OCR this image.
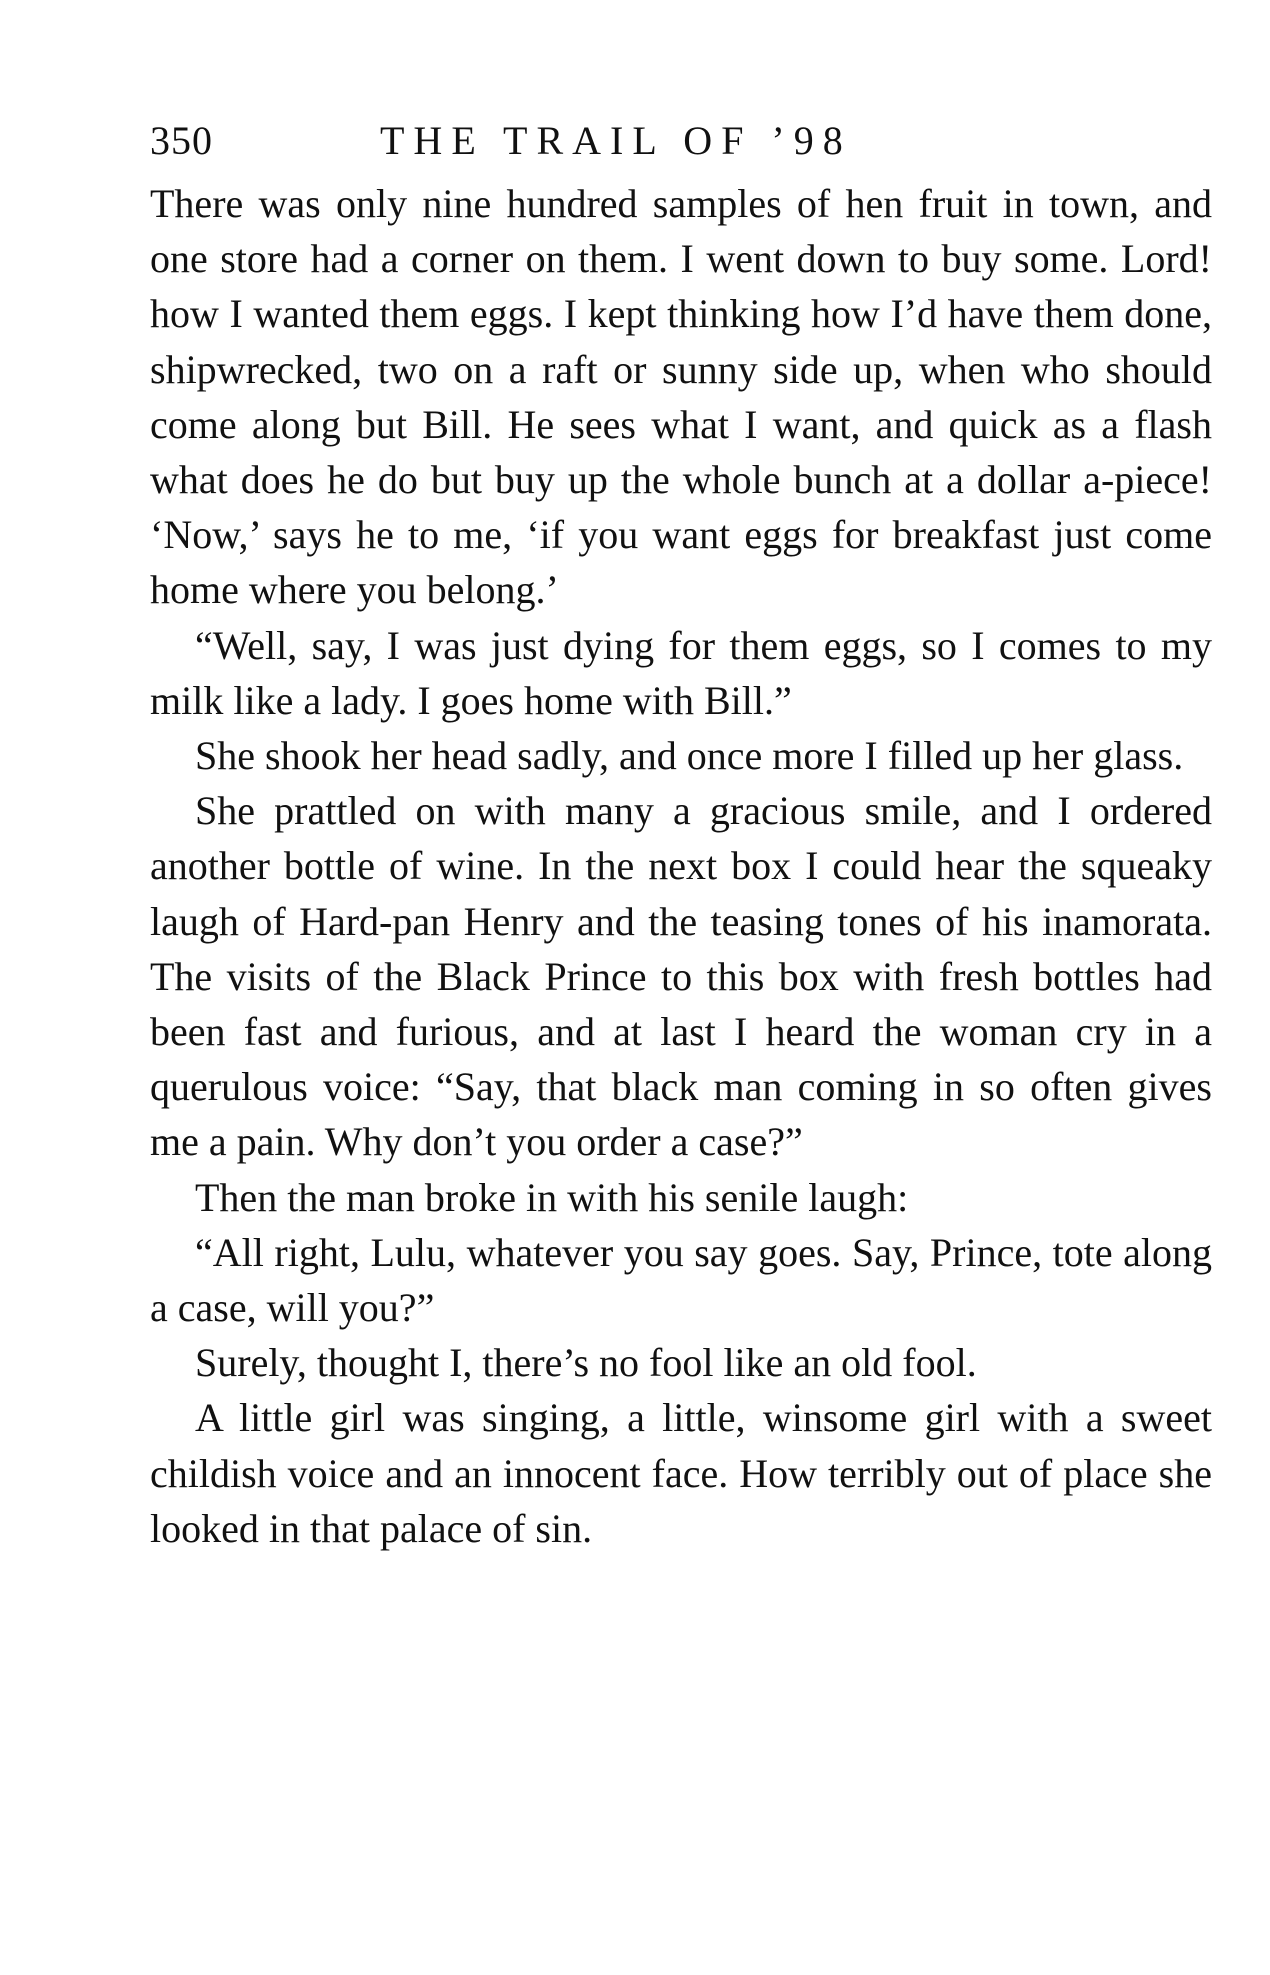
350	THE TRAIL OF ’98

There was only nine hundred samples of hen fruit in town, and one store had a corner on them. I went down to buy some. Lord! how I wanted them eggs. I kept thinking how I’d have them done, shipwrecked, two on a raft or sunny side up, when who should come along but Bill. He sees what I want, and quick as a flash what does he do but buy up the whole bunch at a dollar a-piece! ‘Now,’ says he to me, ‘if you want eggs for breakfast just come home where you belong.’

“Well, say, I was just dying for them eggs, so I comes to my milk like a lady. I goes home with Bill.”

She shook her head sadly, and once more I filled up her glass.

She prattled on with many a gracious smile, and I ordered another bottle of wine. In the next box I could hear the squeaky laugh of Hard-pan Henry and the teasing tones of his inamorata. The visits of the Black Prince to this box with fresh bottles had been fast and furious, and at last I heard the woman cry in a querulous voice: “Say, that black man coming in so often gives me a pain. Why don’t you order a case?”

Then the man broke in with his senile laugh:

“All right, Lulu, whatever you say goes. Say, Prince, tote along a case, will you?”

Surely, thought I, there’s no fool like an old fool.

A little girl was singing, a little, winsome girl with a sweet childish voice and an innocent face. How terribly out of place she looked in that palace of sin.
